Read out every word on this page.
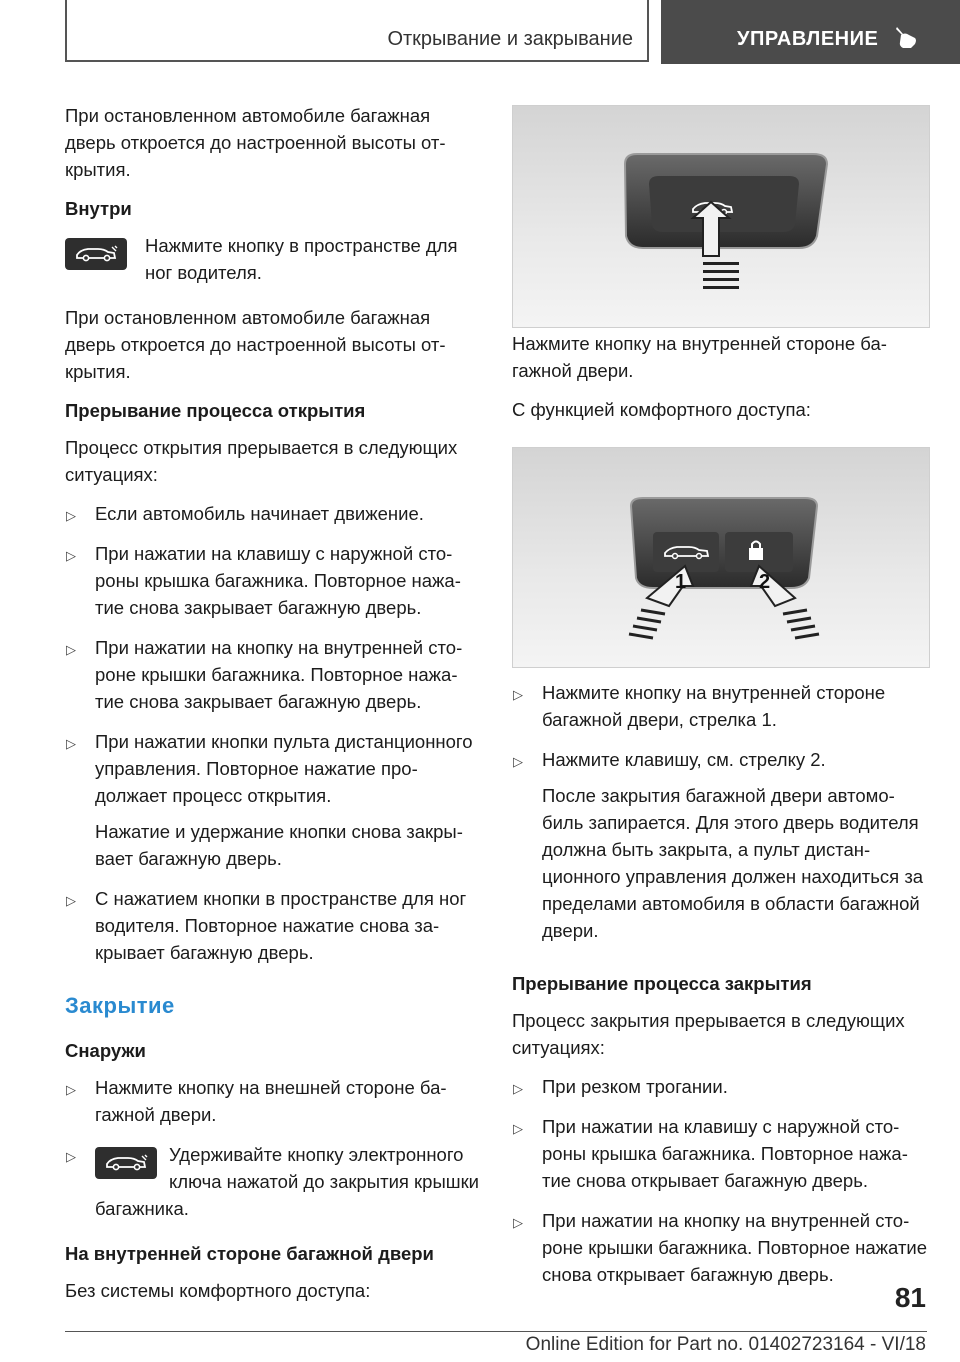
Открывание и закрывание	УПРАВЛЕНИЕ

При остановленном автомобиле багажная дверь откроется до настроенной высоты открытия.

Внутри
Нажмите кнопку в пространстве для ног водителя.

При остановленном автомобиле багажная дверь откроется до настроенной высоты открытия.

Прерывание процесса открытия

Процесс открытия прерывается в следующих ситуациях:

▷ Если автомобиль начинает движение.
▷ При нажатии на клавишу с наружной стороны крышка багажника. Повторное нажатие снова закрывает багажную дверь.
▷ При нажатии на кнопку на внутренней стороне крышки багажника. Повторное нажатие снова закрывает багажную дверь.
▷ При нажатии кнопки пульта дистанционного управления. Повторное нажатие продолжает процесс открытия.
Нажатие и удержание кнопки снова закрывает багажную дверь.
▷ С нажатием кнопки в пространстве для ног водителя. Повторное нажатие снова закрывает багажную дверь.
Закрытие
Снаружи
▷ Нажмите кнопку на внешней стороне багажной двери.
▷	Удерживайте кнопку электронного ключа нажатой до закрытия крышки багажника.
На внутренней стороне багажной двери

Без системы комфортного доступа:

1	2

Нажмите кнопку на внутренней стороне багажной двери.

С функцией комфортного доступа:

▷ Нажмите кнопку на внутренней стороне багажной двери, стрелка 1.
▷ Нажмите клавишу, см. стрелку 2.
После закрытия багажной двери автомобиль запирается. Для этого дверь водителя должна быть закрыта, а пульт дистанционного управления должен находиться за пределами автомобиля в области багажной двери.
Прерывание процесса закрытия

Процесс закрытия прерывается в следующих ситуациях:

▷ При резком трогании.
▷ При нажатии на клавишу с наружной стороны крышка багажника. Повторное нажатие снова открывает багажную дверь.
▷ При нажатии на кнопку на внутренней стороне крышки багажника. Повторное нажатие снова открывает багажную дверь.
81
Online Edition for Part no. 01402723164 - VI/18
